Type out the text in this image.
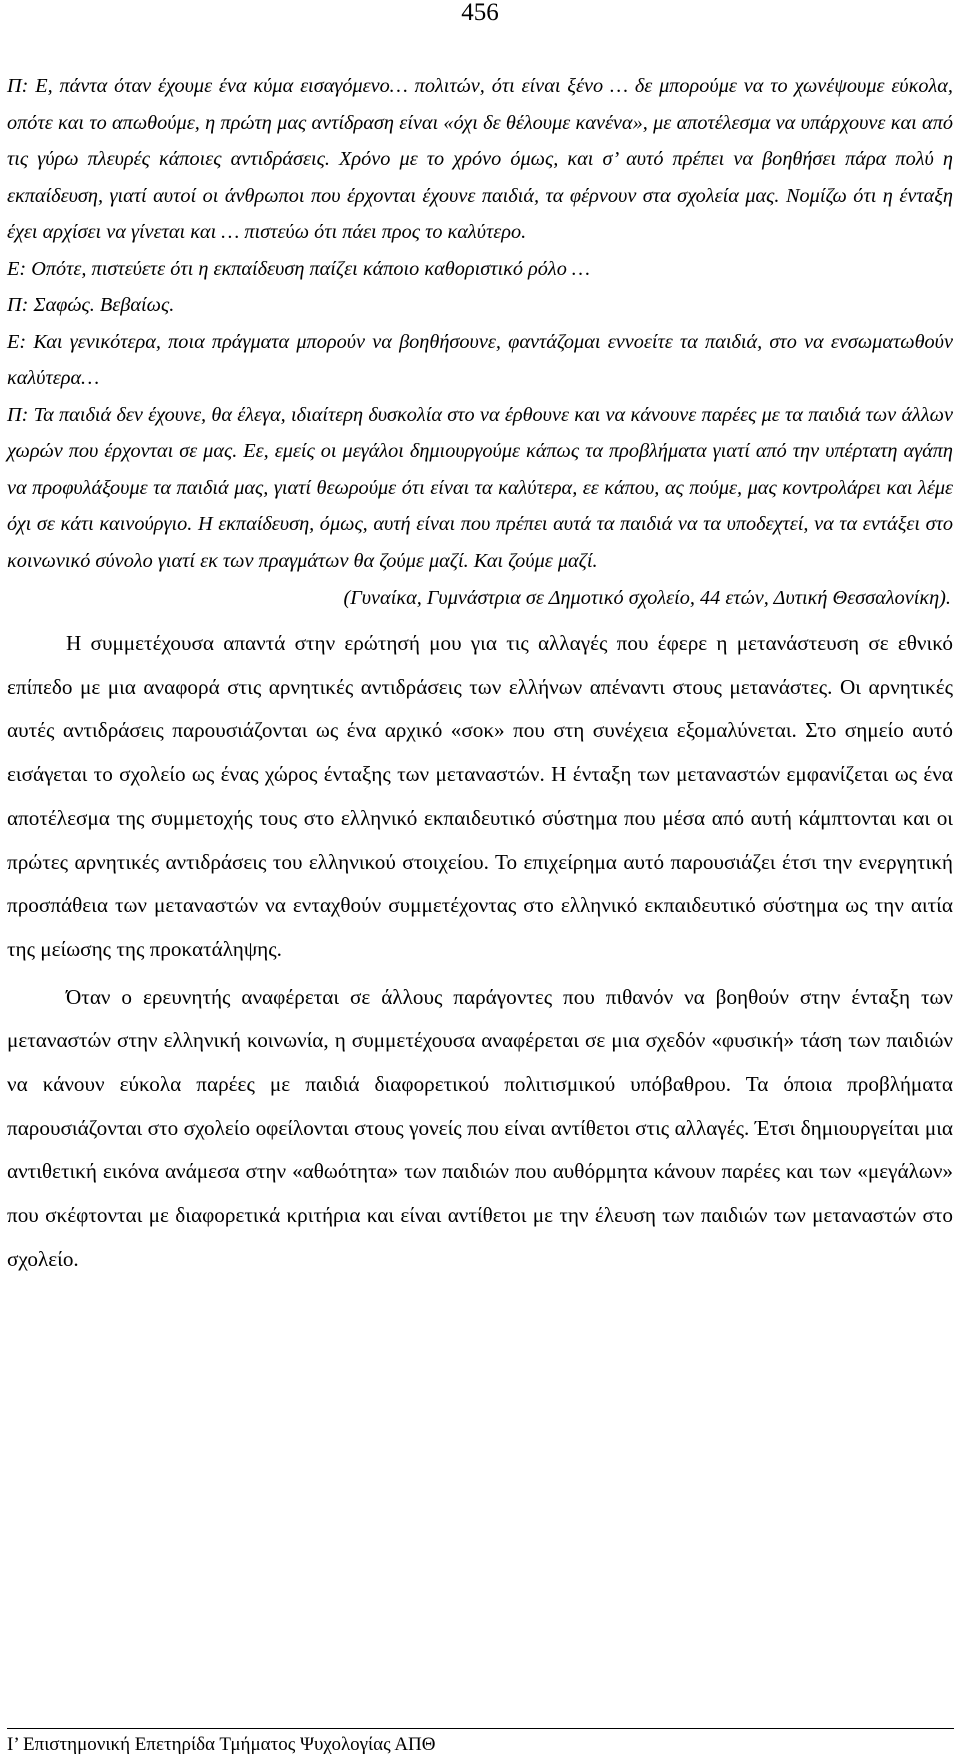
456

Π: Ε, πάντα όταν έχουμε ένα κύμα εισαγόμενο… πολιτών, ότι είναι ξένο … δε μπορούμε να το χωνέψουμε εύκολα, οπότε και το απωθούμε, η πρώτη μας αντίδραση είναι «όχι δε θέλουμε κανένα», με αποτέλεσμα να υπάρχουνε και από τις γύρω πλευρές κάποιες αντιδράσεις. Χρόνο με το χρόνο όμως, και σ’ αυτό πρέπει να βοηθήσει πάρα πολύ η εκπαίδευση, γιατί αυτοί οι άνθρωποι που έρχονται έχουνε παιδιά, τα φέρνουν στα σχολεία μας. Νομίζω ότι η ένταξη έχει αρχίσει να γίνεται και … πιστεύω ότι πάει προς το καλύτερο.

Ε: Οπότε, πιστεύετε ότι η εκπαίδευση παίζει κάποιο καθοριστικό ρόλο …

Π: Σαφώς. Βεβαίως.

Ε: Και γενικότερα, ποια πράγματα μπορούν να βοηθήσουνε, φαντάζομαι εννοείτε τα παιδιά, στο να ενσωματωθούν καλύτερα…

Π: Τα παιδιά δεν έχουνε, θα έλεγα, ιδιαίτερη δυσκολία στο να έρθουνε και να κάνουνε παρέες με τα παιδιά των άλλων χωρών που έρχονται σε μας. Εε, εμείς οι μεγάλοι δημιουργούμε κάπως τα προβλήματα γιατί από την υπέρτατη αγάπη να προφυλάξουμε τα παιδιά μας, γιατί θεωρούμε ότι είναι τα καλύτερα, εε κάπου, ας πούμε, μας κοντρολάρει και λέμε όχι σε κάτι καινούργιο. Η εκπαίδευση, όμως, αυτή είναι που πρέπει αυτά τα παιδιά να τα υποδεχτεί, να τα εντάξει στο κοινωνικό σύνολο γιατί εκ των πραγμάτων θα ζούμε μαζί. Και ζούμε μαζί.

(Γυναίκα, Γυμνάστρια σε Δημοτικό σχολείο, 44 ετών, Δυτική Θεσσαλονίκη).

Η συμμετέχουσα απαντά στην ερώτησή μου για τις αλλαγές που έφερε η μετανάστευση σε εθνικό επίπεδο με μια αναφορά στις αρνητικές αντιδράσεις των ελλήνων απέναντι στους μετανάστες. Οι αρνητικές αυτές αντιδράσεις παρουσιάζονται ως ένα αρχικό «σοκ» που στη συνέχεια εξομαλύνεται. Στο σημείο αυτό εισάγεται το σχολείο ως ένας χώρος ένταξης των μεταναστών. Η ένταξη των μεταναστών εμφανίζεται ως ένα αποτέλεσμα της συμμετοχής τους στο ελληνικό εκπαιδευτικό σύστημα που μέσα από αυτή κάμπτονται και οι πρώτες αρνητικές αντιδράσεις του ελληνικού στοιχείου. Το επιχείρημα αυτό παρουσιάζει έτσι την ενεργητική προσπάθεια των μεταναστών να ενταχθούν συμμετέχοντας στο ελληνικό εκπαιδευτικό σύστημα ως την αιτία της μείωσης της προκατάληψης.

Όταν ο ερευνητής αναφέρεται σε άλλους παράγοντες που πιθανόν να βοηθούν στην ένταξη των μεταναστών στην ελληνική κοινωνία, η συμμετέχουσα αναφέρεται σε μια σχεδόν «φυσική» τάση των παιδιών να κάνουν εύκολα παρέες με παιδιά διαφορετικού πολιτισμικού υπόβαθρου. Τα όποια προβλήματα παρουσιάζονται στο σχολείο οφείλονται στους γονείς που είναι αντίθετοι στις αλλαγές. Έτσι δημιουργείται μια αντιθετική εικόνα ανάμεσα στην «αθωότητα» των παιδιών που αυθόρμητα κάνουν παρέες και των «μεγάλων» που σκέφτονται με διαφορετικά κριτήρια και είναι αντίθετοι με την έλευση των παιδιών των μεταναστών στο σχολείο.

Ι’ Επιστημονική Επετηρίδα Τμήματος Ψυχολογίας ΑΠΘ
